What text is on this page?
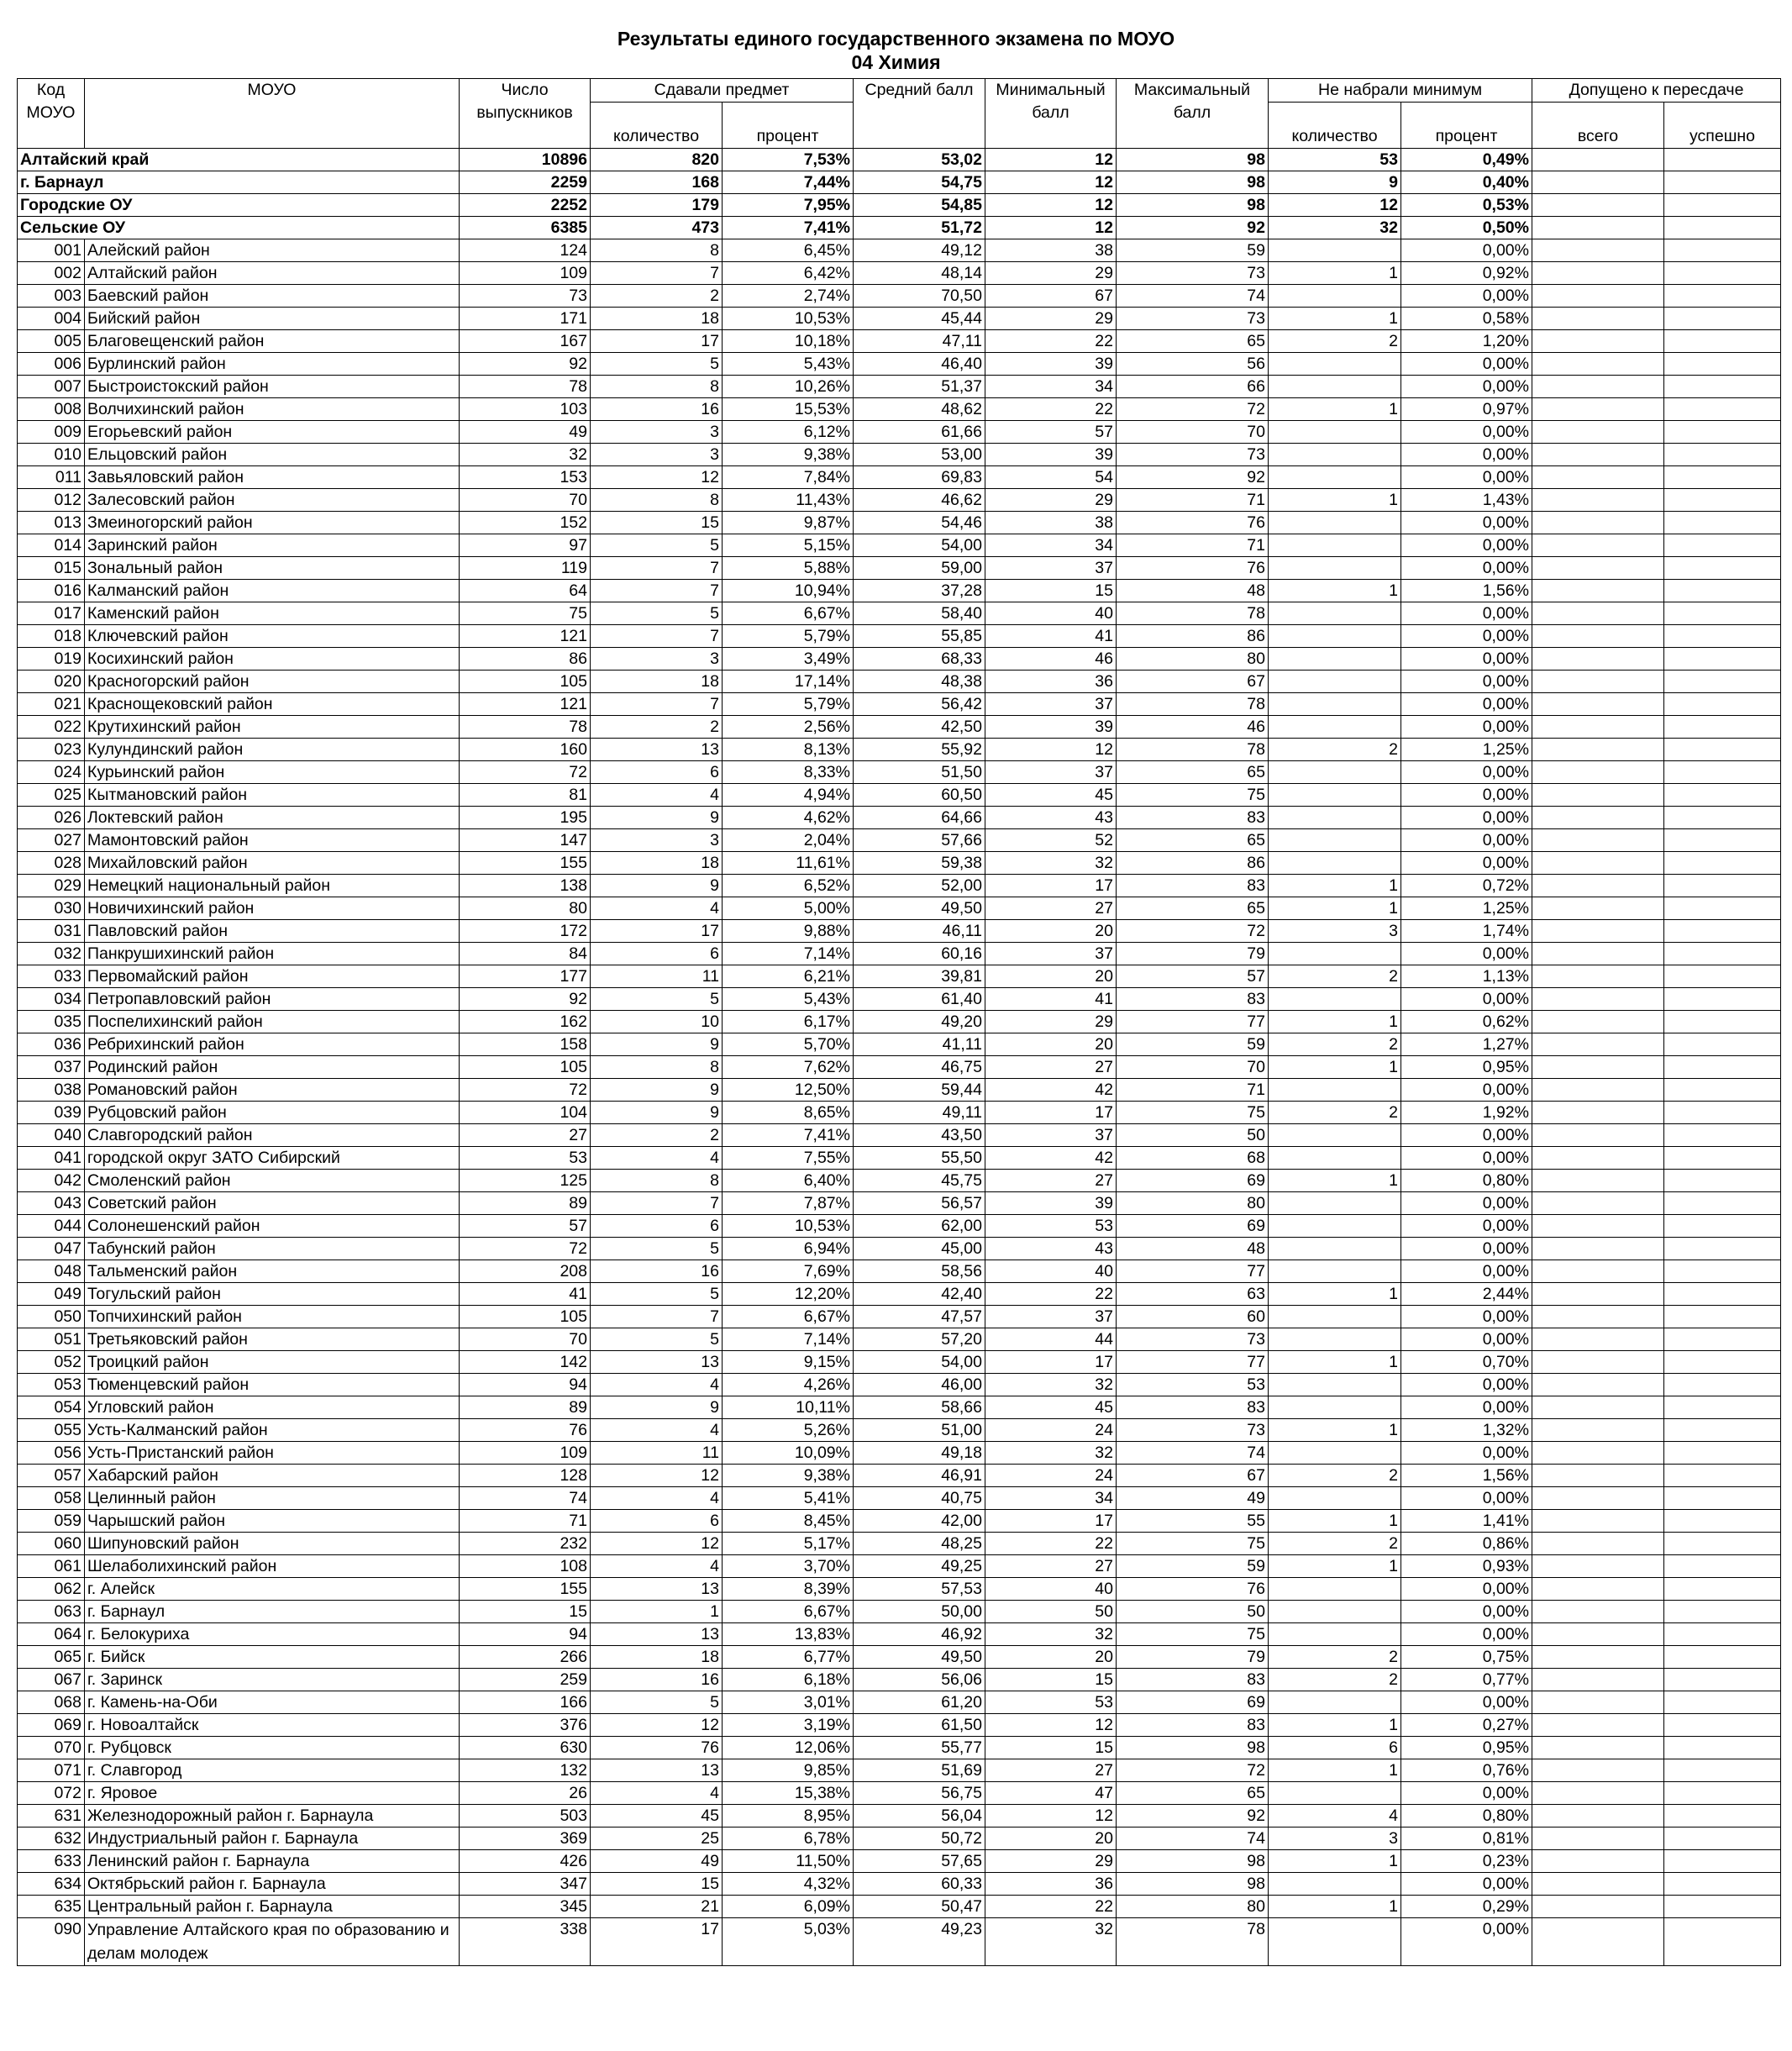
Результаты единого государственного экзамена по МОУО
04 Химия
Код МОУО	МОУО	Число выпускников	Сдавали предмет		Средний балл	Минимальный балл	Максимальный балл	Не набрали минимум		Допущено к пересдаче	
			количество	процент				количество	процент	всего	успешно
Алтайский край		10896	820	7,53%	53,02	12	98	53	0,49%		
г. Барнаул		2259	168	7,44%	54,75	12	98	9	0,40%		
Городские ОУ		2252	179	7,95%	54,85	12	98	12	0,53%		
Сельские ОУ		6385	473	7,41%	51,72	12	92	32	0,50%		
001	Алейский район	124	8	6,45%	49,12	38	59		0,00%		
002	Алтайский район	109	7	6,42%	48,14	29	73	1	0,92%		
003	Баевский район	73	2	2,74%	70,50	67	74		0,00%		
004	Бийский район	171	18	10,53%	45,44	29	73	1	0,58%		
005	Благовещенский район	167	17	10,18%	47,11	22	65	2	1,20%		
006	Бурлинский район	92	5	5,43%	46,40	39	56		0,00%		
007	Быстроистокский район	78	8	10,26%	51,37	34	66		0,00%		
008	Волчихинский район	103	16	15,53%	48,62	22	72	1	0,97%		
009	Егорьевский район	49	3	6,12%	61,66	57	70		0,00%		
010	Ельцовский район	32	3	9,38%	53,00	39	73		0,00%		
011	Завьяловский район	153	12	7,84%	69,83	54	92		0,00%		
012	Залесовский район	70	8	11,43%	46,62	29	71	1	1,43%		
013	Змеиногорский район	152	15	9,87%	54,46	38	76		0,00%		
014	Заринский район	97	5	5,15%	54,00	34	71		0,00%		
015	Зональный район	119	7	5,88%	59,00	37	76		0,00%		
016	Калманский район	64	7	10,94%	37,28	15	48	1	1,56%		
017	Каменский район	75	5	6,67%	58,40	40	78		0,00%		
018	Ключевский район	121	7	5,79%	55,85	41	86		0,00%		
019	Косихинский район	86	3	3,49%	68,33	46	80		0,00%		
020	Красногорский район	105	18	17,14%	48,38	36	67		0,00%		
021	Краснощековский район	121	7	5,79%	56,42	37	78		0,00%		
022	Крутихинский район	78	2	2,56%	42,50	39	46		0,00%		
023	Кулундинский район	160	13	8,13%	55,92	12	78	2	1,25%		
024	Курьинский район	72	6	8,33%	51,50	37	65		0,00%		
025	Кытмановский район	81	4	4,94%	60,50	45	75		0,00%		
026	Локтевский район	195	9	4,62%	64,66	43	83		0,00%		
027	Мамонтовский район	147	3	2,04%	57,66	52	65		0,00%		
028	Михайловский район	155	18	11,61%	59,38	32	86		0,00%		
029	Немецкий национальный район	138	9	6,52%	52,00	17	83	1	0,72%		
030	Новичихинский район	80	4	5,00%	49,50	27	65	1	1,25%		
031	Павловский район	172	17	9,88%	46,11	20	72	3	1,74%		
032	Панкрушихинский район	84	6	7,14%	60,16	37	79		0,00%		
033	Первомайский район	177	11	6,21%	39,81	20	57	2	1,13%		
034	Петропавловский район	92	5	5,43%	61,40	41	83		0,00%		
035	Поспелихинский район	162	10	6,17%	49,20	29	77	1	0,62%		
036	Ребрихинский район	158	9	5,70%	41,11	20	59	2	1,27%		
037	Родинский район	105	8	7,62%	46,75	27	70	1	0,95%		
038	Романовский район	72	9	12,50%	59,44	42	71		0,00%		
039	Рубцовский район	104	9	8,65%	49,11	17	75	2	1,92%		
040	Славгородский район	27	2	7,41%	43,50	37	50		0,00%		
041	городской округ ЗАТО Сибирский	53	4	7,55%	55,50	42	68		0,00%		
042	Смоленский район	125	8	6,40%	45,75	27	69	1	0,80%		
043	Советский район	89	7	7,87%	56,57	39	80		0,00%		
044	Солонешенский район	57	6	10,53%	62,00	53	69		0,00%		
047	Табунский район	72	5	6,94%	45,00	43	48		0,00%		
048	Тальменский район	208	16	7,69%	58,56	40	77		0,00%		
049	Тогульский район	41	5	12,20%	42,40	22	63	1	2,44%		
050	Топчихинский район	105	7	6,67%	47,57	37	60		0,00%		
051	Третьяковский район	70	5	7,14%	57,20	44	73		0,00%		
052	Троицкий район	142	13	9,15%	54,00	17	77	1	0,70%		
053	Тюменцевский район	94	4	4,26%	46,00	32	53		0,00%		
054	Угловский район	89	9	10,11%	58,66	45	83		0,00%		
055	Усть-Калманский район	76	4	5,26%	51,00	24	73	1	1,32%		
056	Усть-Пристанский район	109	11	10,09%	49,18	32	74		0,00%		
057	Хабарский район	128	12	9,38%	46,91	24	67	2	1,56%		
058	Целинный район	74	4	5,41%	40,75	34	49		0,00%		
059	Чарышский район	71	6	8,45%	42,00	17	55	1	1,41%		
060	Шипуновский район	232	12	5,17%	48,25	22	75	2	0,86%		
061	Шелаболихинский район	108	4	3,70%	49,25	27	59	1	0,93%		
062	г. Алейск	155	13	8,39%	57,53	40	76		0,00%		
063	г. Барнаул	15	1	6,67%	50,00	50	50		0,00%		
064	г. Белокуриха	94	13	13,83%	46,92	32	75		0,00%		
065	г. Бийск	266	18	6,77%	49,50	20	79	2	0,75%		
067	г. Заринск	259	16	6,18%	56,06	15	83	2	0,77%		
068	г. Камень-на-Оби	166	5	3,01%	61,20	53	69		0,00%		
069	г. Новоалтайск	376	12	3,19%	61,50	12	83	1	0,27%		
070	г. Рубцовск	630	76	12,06%	55,77	15	98	6	0,95%		
071	г. Славгород	132	13	9,85%	51,69	27	72	1	0,76%		
072	г. Яровое	26	4	15,38%	56,75	47	65		0,00%		
631	Железнодорожный район г. Барнаула	503	45	8,95%	56,04	12	92	4	0,80%		
632	Индустриальный район г. Барнаула	369	25	6,78%	50,72	20	74	3	0,81%		
633	Ленинский район г. Барнаула	426	49	11,50%	57,65	29	98	1	0,23%		
634	Октябрьский район г. Барнаула	347	15	4,32%	60,33	36	98		0,00%		
635	Центральный район г. Барнаула	345	21	6,09%	50,47	22	80	1	0,29%		
090	Управление Алтайского края по образованию и делам молодеж	338	17	5,03%	49,23	32	78		0,00%		
